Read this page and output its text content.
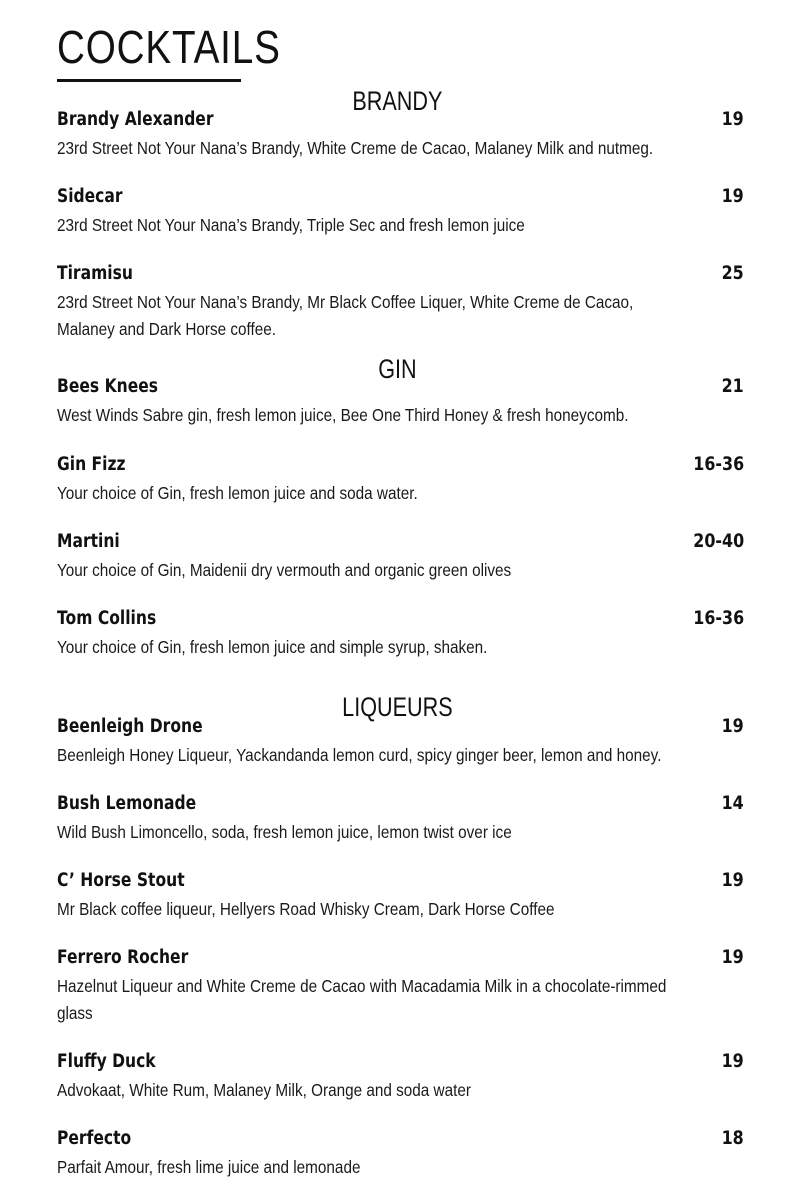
COCKTAILS
BRANDY
Brandy Alexander	19
23rd Street Not Your Nana’s Brandy, White Creme de Cacao, Malaney Milk and nutmeg.
Sidecar	19
23rd Street Not Your Nana’s Brandy, Triple Sec and fresh lemon juice
Tiramisu	25
23rd Street Not Your Nana’s Brandy, Mr Black Coffee Liquer, White Creme de Cacao,
Malaney and Dark Horse coffee.
GIN
Bees Knees	21
West Winds Sabre gin, fresh lemon juice, Bee One Third Honey & fresh honeycomb.
Gin Fizz	16-36
Your choice of Gin, fresh lemon juice and soda water.
Martini	20-40
Your choice of Gin, Maidenii dry vermouth and organic green olives
Tom Collins	16-36
Your choice of Gin, fresh lemon juice and simple syrup, shaken.
LIQUEURS
Beenleigh Drone	19
Beenleigh Honey Liqueur, Yackandanda lemon curd, spicy ginger beer, lemon and honey.
Bush Lemonade	14
Wild Bush Limoncello, soda, fresh lemon juice, lemon twist over ice
C’ Horse Stout	19
Mr Black coffee liqueur, Hellyers Road Whisky Cream, Dark Horse Coffee
Ferrero Rocher	19
Hazelnut Liqueur and White Creme de Cacao with Macadamia Milk in a chocolate-rimmed
glass
Fluffy Duck	19
Advokaat, White Rum, Malaney Milk, Orange and soda water
Perfecto	18
Parfait Amour, fresh lime juice and lemonade
